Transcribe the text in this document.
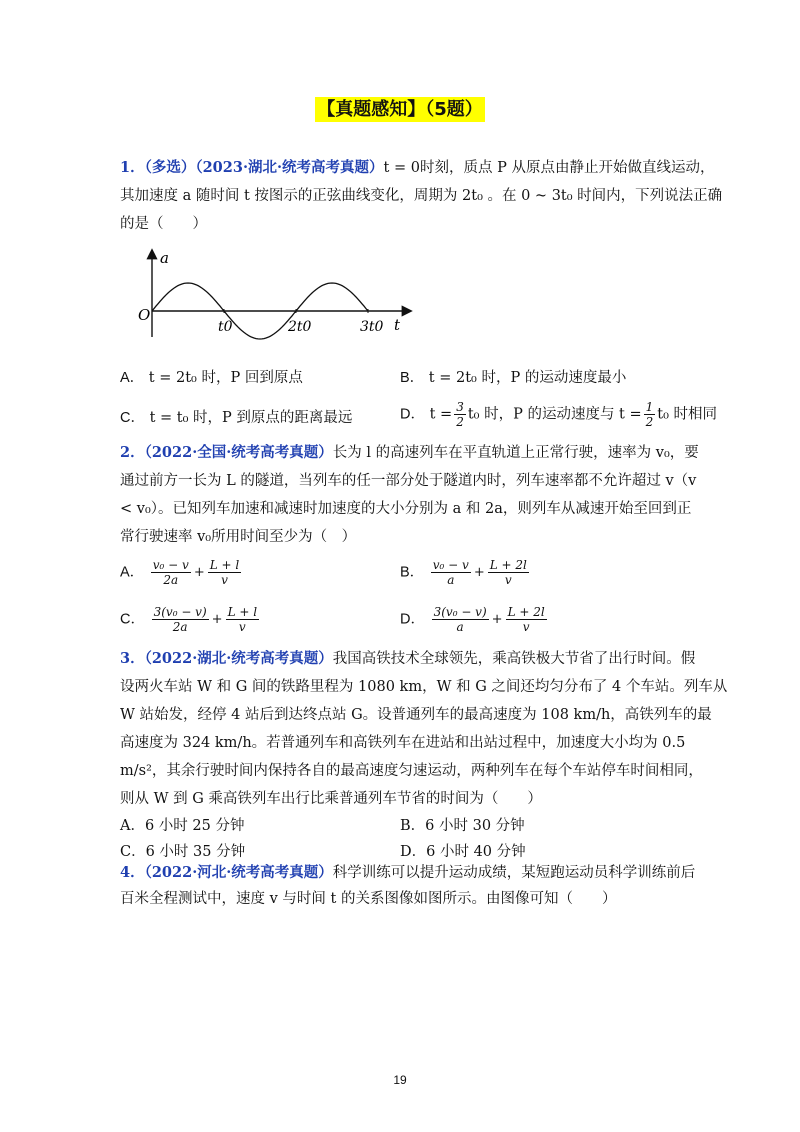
【真题感知】（5题）
1．（多选）（2023·湖北·统考高考真题）t = 0时刻，质点 P 从原点由静止开始做直线运动，
其加速度 a 随时间 t 按图示的正弦曲线变化，周期为 2t₀ 。在 0 ~ 3t₀ 时间内，下列说法正确
的是（　　）
a
O
t
t0	2t0	3t0
A． t = 2t₀ 时，P 回到原点	B． t = 2t₀ 时，P 的运动速度最小
C． t = t₀ 时，P 到原点的距离最远	D． $t = \frac{3}{2} t_0$ 时，P 的运动速度与 $t = \frac{1}{2} t_0$ 时相同
2．（2022·全国·统考高考真题）长为 l 的高速列车在平直轨道上正常行驶，速率为 v₀，要
通过前方一长为 L 的隧道，当列车的任一部分处于隧道内时，列车速率都不允许超过 v（v
< v₀）。已知列车加速和减速时加速度的大小分别为 a 和 2a，则列车从减速开始至回到正
常行驶速率 v₀所用时间至少为（　）
A． $\frac{\text{v₀ − v}}{2a} + \frac{L + l}{v}$	B． $\frac{\text{v₀ − v}}{a} + \frac{L + 2l}{v}$
C． $\frac{\text{3(v₀ − v)}}{2a} + \frac{L + l}{v}$	D． $\frac{\text{3(v₀ − v)}}{a} + \frac{L + 2l}{v}$
3．（2022·湖北·统考高考真题）我国高铁技术全球领先，乘高铁极大节省了出行时间。假
设两火车站 W 和 G 间的铁路里程为 1080 km，W 和 G 之间还均匀分布了 4 个车站。列车从
W 站始发，经停 4 站后到达终点站 G。设普通列车的最高速度为 108 km/h，高铁列车的最
高速度为 324 km/h。若普通列车和高铁列车在进站和出站过程中，加速度大小均为 0.5
m/s²，其余行驶时间内保持各自的最高速度匀速运动，两种列车在每个车站停车时间相同，
则从 W 到 G 乘高铁列车出行比乘普通列车节省的时间为（　　）
A．6 小时 25 分钟	B．6 小时 30 分钟
C．6 小时 35 分钟	D．6 小时 40 分钟
4．（2022·河北·统考高考真题）科学训练可以提升运动成绩，某短跑运动员科学训练前后
百米全程测试中，速度 v 与时间 t 的关系图像如图所示。由图像可知（　　）
19
